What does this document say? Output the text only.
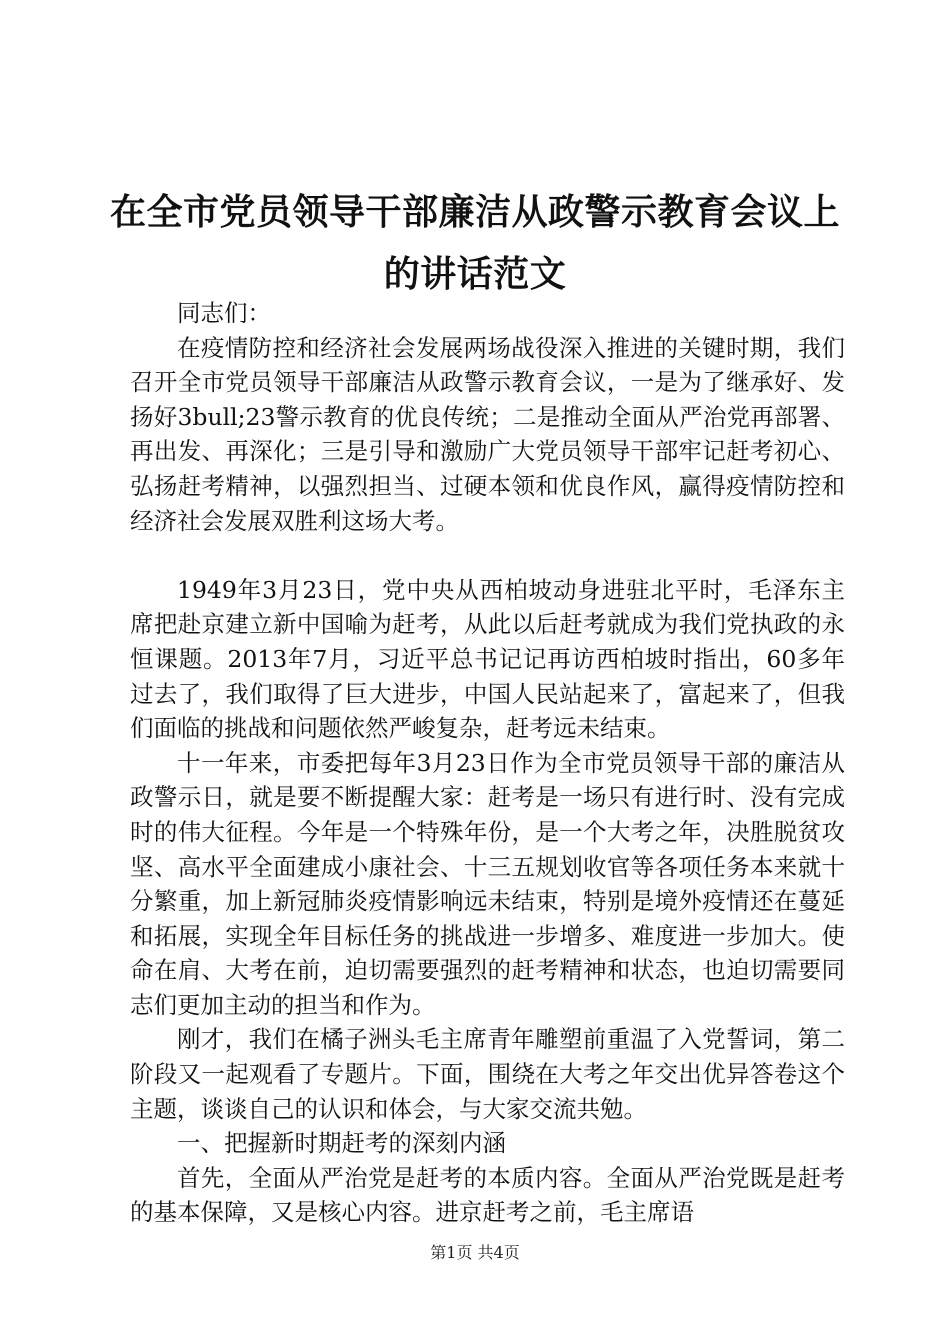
在全市党员领导干部廉洁从政警示教育会议上的讲话范文

同志们：

在疫情防控和经济社会发展两场战役深入推进的关键时期，我们召开全市党员领导干部廉洁从政警示教育会议，一是为了继承好、发扬好3bull;23警示教育的优良传统；二是推动全面从严治党再部署、再出发、再深化；三是引导和激励广大党员领导干部牢记赶考初心、弘扬赶考精神，以强烈担当、过硬本领和优良作风，赢得疫情防控和经济社会发展双胜利这场大考。

1949年3月23日，党中央从西柏坡动身进驻北平时，毛泽东主席把赴京建立新中国喻为赶考，从此以后赶考就成为我们党执政的永恒课题。2013年7月，习近平总书记记再访西柏坡时指出，60多年过去了，我们取得了巨大进步，中国人民站起来了，富起来了，但我们面临的挑战和问题依然严峻复杂，赶考远未结束。

十一年来，市委把每年3月23日作为全市党员领导干部的廉洁从政警示日，就是要不断提醒大家：赶考是一场只有进行时、没有完成时的伟大征程。今年是一个特殊年份，是一个大考之年，决胜脱贫攻坚、高水平全面建成小康社会、十三五规划收官等各项任务本来就十分繁重，加上新冠肺炎疫情影响远未结束，特别是境外疫情还在蔓延和拓展，实现全年目标任务的挑战进一步增多、难度进一步加大。使命在肩、大考在前，迫切需要强烈的赶考精神和状态，也迫切需要同志们更加主动的担当和作为。

刚才，我们在橘子洲头毛主席青年雕塑前重温了入党誓词，第二阶段又一起观看了专题片。下面，围绕在大考之年交出优异答卷这个主题，谈谈自己的认识和体会，与大家交流共勉。

一、把握新时期赶考的深刻内涵

首先，全面从严治党是赶考的本质内容。全面从严治党既是赶考的基本保障，又是核心内容。进京赶考之前，毛主席语

第1页 共4页
